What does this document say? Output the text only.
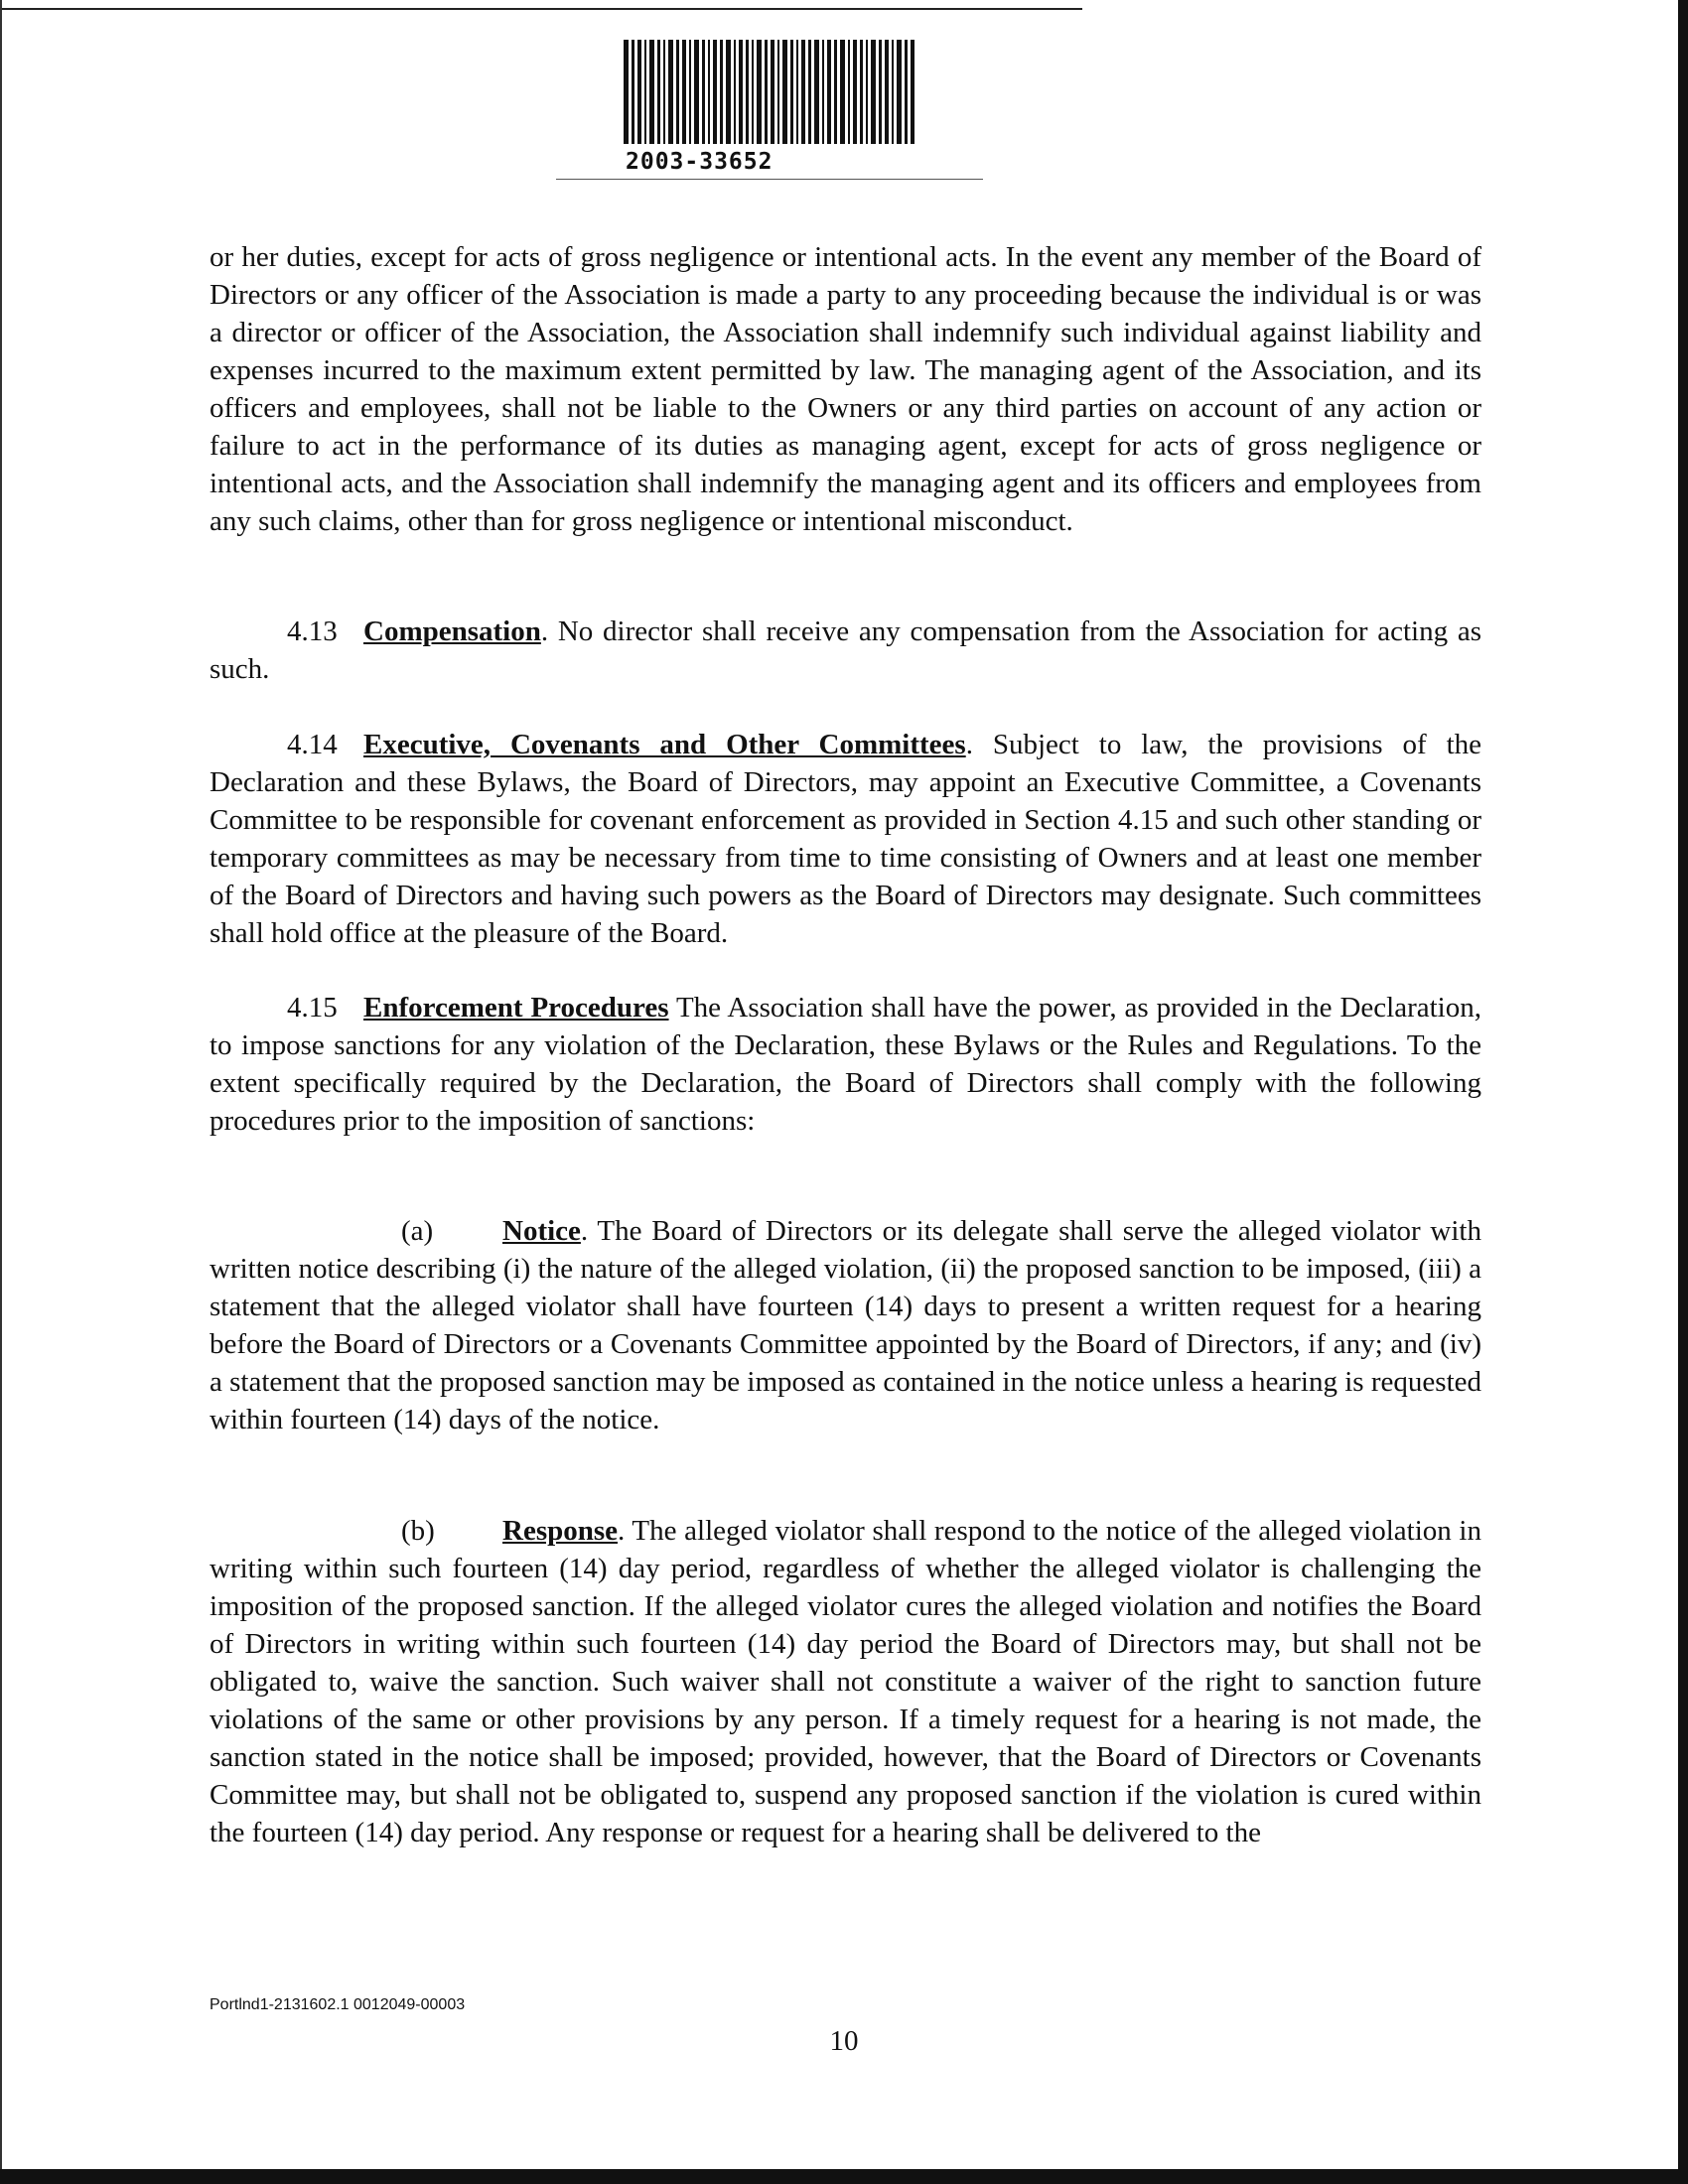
2003-33652

or her duties, except for acts of gross negligence or intentional acts. In the event any member of the Board of Directors or any officer of the Association is made a party to any proceeding because the individual is or was a director or officer of the Association, the Association shall indemnify such individual against liability and expenses incurred to the maximum extent permitted by law. The managing agent of the Association, and its officers and employees, shall not be liable to the Owners or any third parties on account of any action or failure to act in the performance of its duties as managing agent, except for acts of gross negligence or intentional acts, and the Association shall indemnify the managing agent and its officers and employees from any such claims, other than for gross negligence or intentional misconduct.

4.13 Compensation. No director shall receive any compensation from the Association for acting as such.

4.14 Executive, Covenants and Other Committees. Subject to law, the provisions of the Declaration and these Bylaws, the Board of Directors, may appoint an Executive Committee, a Covenants Committee to be responsible for covenant enforcement as provided in Section 4.15 and such other standing or temporary committees as may be necessary from time to time consisting of Owners and at least one member of the Board of Directors and having such powers as the Board of Directors may designate. Such committees shall hold office at the pleasure of the Board.

4.15 Enforcement Procedures The Association shall have the power, as provided in the Declaration, to impose sanctions for any violation of the Declaration, these Bylaws or the Rules and Regulations. To the extent specifically required by the Declaration, the Board of Directors shall comply with the following procedures prior to the imposition of sanctions:

(a) Notice. The Board of Directors or its delegate shall serve the alleged violator with written notice describing (i) the nature of the alleged violation, (ii) the proposed sanction to be imposed, (iii) a statement that the alleged violator shall have fourteen (14) days to present a written request for a hearing before the Board of Directors or a Covenants Committee appointed by the Board of Directors, if any; and (iv) a statement that the proposed sanction may be imposed as contained in the notice unless a hearing is requested within fourteen (14) days of the notice.

(b) Response. The alleged violator shall respond to the notice of the alleged violation in writing within such fourteen (14) day period, regardless of whether the alleged violator is challenging the imposition of the proposed sanction. If the alleged violator cures the alleged violation and notifies the Board of Directors in writing within such fourteen (14) day period the Board of Directors may, but shall not be obligated to, waive the sanction. Such waiver shall not constitute a waiver of the right to sanction future violations of the same or other provisions by any person. If a timely request for a hearing is not made, the sanction stated in the notice shall be imposed; provided, however, that the Board of Directors or Covenants Committee may, but shall not be obligated to, suspend any proposed sanction if the violation is cured within the fourteen (14) day period. Any response or request for a hearing shall be delivered to the

Portlnd1-2131602.1 0012049-00003
10
